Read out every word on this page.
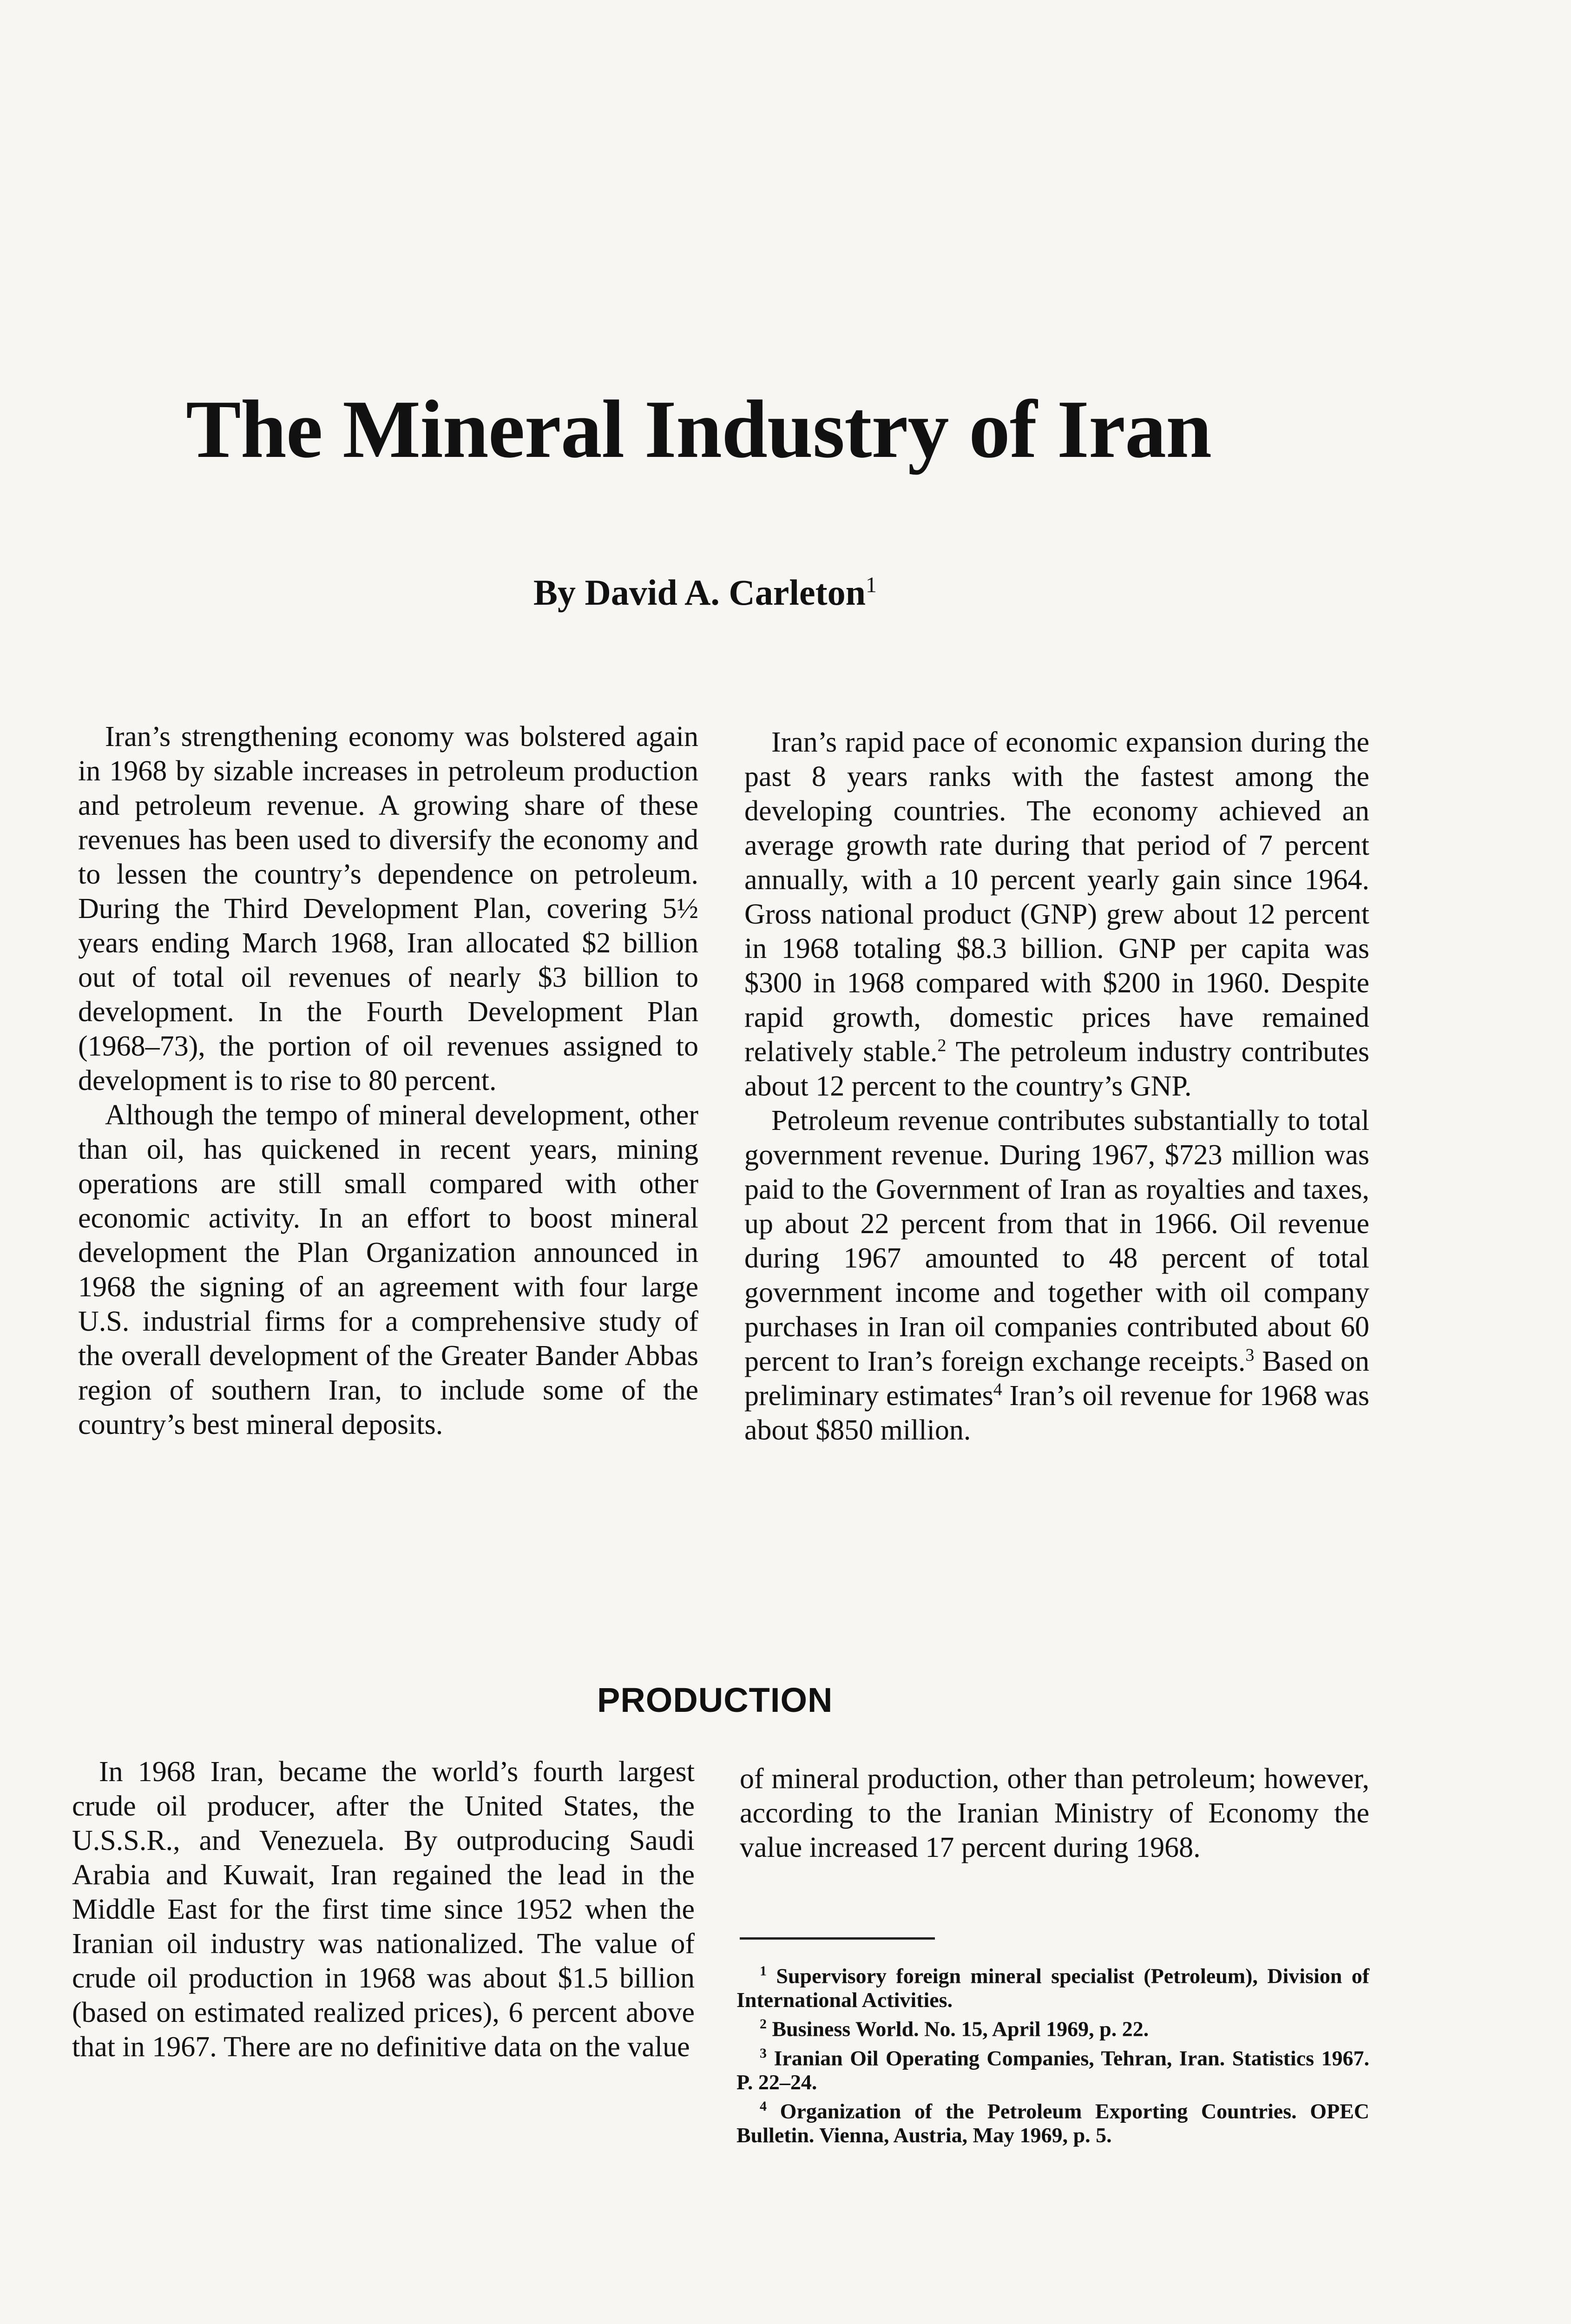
The Mineral Industry of Iran
By David A. Carleton$^1$

Iran’s strengthening economy was bolstered again in 1968 by sizable increases in petroleum production and petroleum revenue. A growing share of these revenues has been used to diversify the economy and to lessen the country’s dependence on petroleum. During the Third Development Plan, covering 5½ years ending March 1968, Iran allocated $2 billion out of total oil revenues of nearly $3 billion to development. In the Fourth Development Plan (1968–73), the portion of oil revenues assigned to development is to rise to 80 percent.

Although the tempo of mineral development, other than oil, has quickened in recent years, mining operations are still small compared with other economic activity. In an effort to boost mineral development the Plan Organization announced in 1968 the signing of an agreement with four large U.S. industrial firms for a comprehensive study of the overall development of the Greater Bander Abbas region of southern Iran, to include some of the country’s best mineral deposits.

Iran’s rapid pace of economic expansion during the past 8 years ranks with the fastest among the developing countries. The economy achieved an average growth rate during that period of 7 percent annually, with a 10 percent yearly gain since 1964. Gross national product (GNP) grew about 12 percent in 1968 totaling $8.3 billion. GNP per capita was $300 in 1968 compared with $200 in 1960. Despite rapid growth, domestic prices have remained relatively stable.$^2$ The petroleum industry contributes about 12 percent to the country’s GNP.

Petroleum revenue contributes substantially to total government revenue. During 1967, $723 million was paid to the Government of Iran as royalties and taxes, up about 22 percent from that in 1966. Oil revenue during 1967 amounted to 48 percent of total government income and together with oil company purchases in Iran oil companies contributed about 60 percent to Iran’s foreign exchange receipts.$^3$ Based on preliminary estimates$^4$ Iran’s oil revenue for 1968 was about $850 million.

PRODUCTION

In 1968 Iran, became the world’s fourth largest crude oil producer, after the United States, the U.S.S.R., and Venezuela. By outproducing Saudi Arabia and Kuwait, Iran regained the lead in the Middle East for the first time since 1952 when the Iranian oil industry was nationalized. The value of crude oil production in 1968 was about $1.5 billion (based on estimated realized prices), 6 percent above that in 1967. There are no definitive data on the value

of mineral production, other than petroleum; however, according to the Iranian Ministry of Economy the value increased 17 percent during 1968.

$^1$ Supervisory foreign mineral specialist (Petroleum), Division of International Activities.
$^2$ Business World. No. 15, April 1969, p. 22.
$^3$ Iranian Oil Operating Companies, Tehran, Iran. Statistics 1967. P. 22–24.
$^4$ Organization of the Petroleum Exporting Countries. OPEC Bulletin. Vienna, Austria, May 1969, p. 5.
